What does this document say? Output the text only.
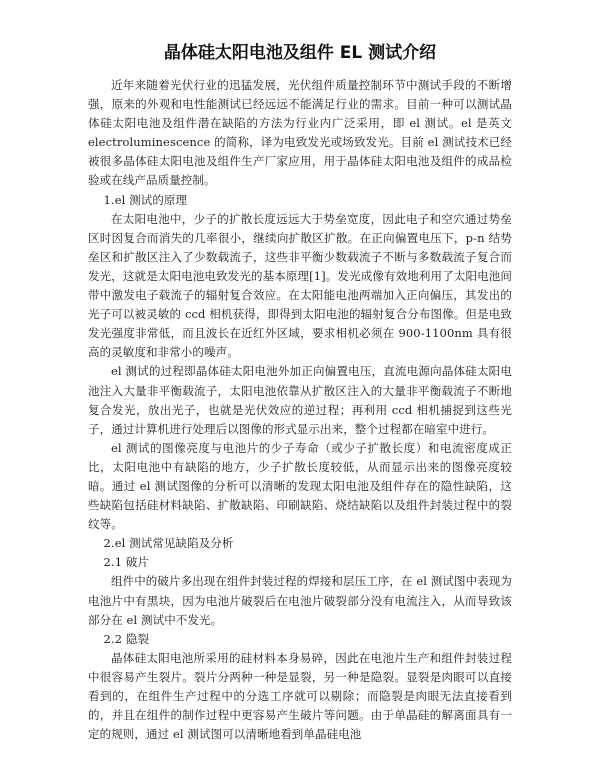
晶体硅太阳电池及组件 EL 测试介绍

近年来随着光伏行业的迅猛发展，光伏组件质量控制环节中测试手段的不断增强，原来的外观和电性能测试已经远远不能满足行业的需求。目前一种可以测试晶体硅太阳电池及组件潜在缺陷的方法为行业内广泛采用，即 el 测试。el 是英文 electroluminescence 的简称，译为电致发光或场致发光。目前 el 测试技术已经被很多晶体硅太阳电池及组件生产厂家应用，用于晶体硅太阳电池及组件的成品检验或在线产品质量控制。

1.el 测试的原理

在太阳电池中，少子的扩散长度远远大于势垒宽度，因此电子和空穴通过势垒区时因复合而消失的几率很小，继续向扩散区扩散。在正向偏置电压下，p-n 结势垒区和扩散区注入了少数载流子，这些非平衡少数载流子不断与多数载流子复合而发光，这就是太阳电池电致发光的基本原理[1]。发光成像有效地利用了太阳电池间带中激发电子载流子的辐射复合效应。在太阳能电池两端加入正向偏压，其发出的光子可以被灵敏的 ccd 相机获得，即得到太阳电池的辐射复合分布图像。但是电致发光强度非常低，而且波长在近红外区域，要求相机必须在 900-1100nm 具有很高的灵敏度和非常小的噪声。

el 测试的过程即晶体硅太阳电池外加正向偏置电压，直流电源向晶体硅太阳电池注入大量非平衡载流子，太阳电池依靠从扩散区注入的大量非平衡载流子不断地复合发光，放出光子，也就是光伏效应的逆过程；再利用 ccd 相机捕捉到这些光子，通过计算机进行处理后以图像的形式显示出来，整个过程都在暗室中进行。

el 测试的图像亮度与电池片的少子寿命（或少子扩散长度）和电流密度成正比，太阳电池中有缺陷的地方，少子扩散长度较低，从而显示出来的图像亮度较暗。通过 el 测试图像的分析可以清晰的发现太阳电池及组件存在的隐性缺陷，这些缺陷包括硅材料缺陷、扩散缺陷、印刷缺陷、烧结缺陷以及组件封装过程中的裂纹等。

2.el 测试常见缺陷及分析

2.1 破片

组件中的破片多出现在组件封装过程的焊接和层压工序，在 el 测试图中表现为电池片中有黑块，因为电池片破裂后在电池片破裂部分没有电流注入，从而导致该部分在 el 测试中不发光。

2.2 隐裂

晶体硅太阳电池所采用的硅材料本身易碎，因此在电池片生产和组件封装过程中很容易产生裂片。裂片分两种一种是显裂，另一种是隐裂。显裂是肉眼可以直接看到的，在组件生产过程中的分选工序就可以剔除；而隐裂是肉眼无法直接看到的，并且在组件的制作过程中更容易产生破片等问题。由于单晶硅的解离面具有一定的规则，通过 el 测试图可以清晰地看到单晶硅电池
